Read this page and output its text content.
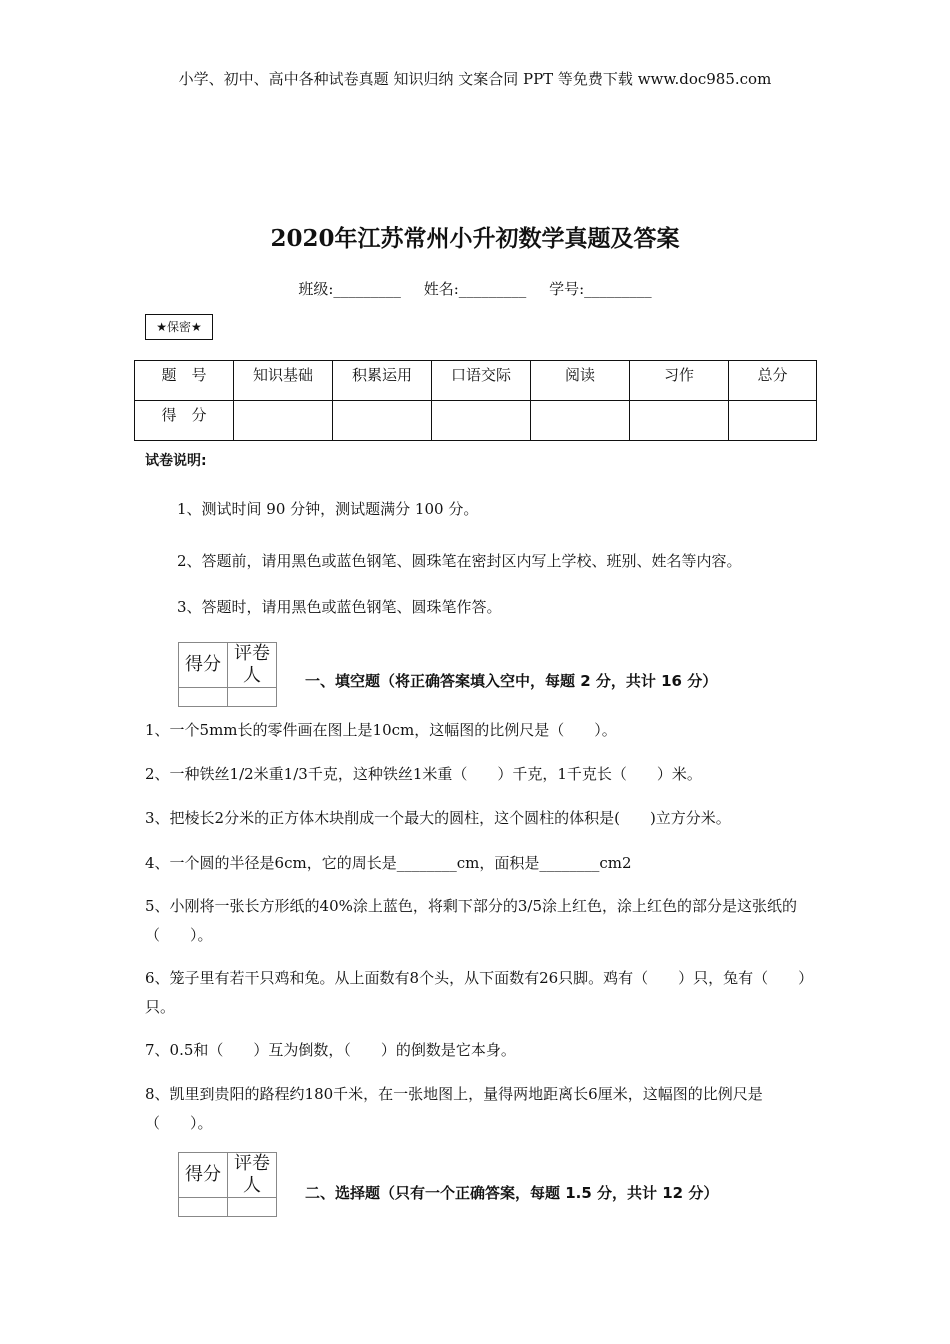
小学、初中、高中各种试卷真题 知识归纳 文案合同 PPT 等免费下载 www.doc985.com
2020年江苏常州小升初数学真题及答案
班级:_________ 姓名:_________ 学号:_________
★保密★
题　号	知识基础	积累运用	口语交际	阅读	习作	总分
得　分						
试卷说明:
1、测试时间 90 分钟，测试题满分 100 分。
2、答题前，请用黑色或蓝色钢笔、圆珠笔在密封区内写上学校、班别、姓名等内容。
3、答题时，请用黑色或蓝色钢笔、圆珠笔作答。
得分	评卷人
		一、填空题（将正确答案填入空中，每题 2 分，共计 16 分）
1、一个5mm长的零件画在图上是10cm，这幅图的比例尺是（　　）。
2、一种铁丝1/2米重1/3千克，这种铁丝1米重（　　）千克，1千克长（　　）米。
3、把棱长2分米的正方体木块削成一个最大的圆柱，这个圆柱的体积是(　　)立方分米。
4、一个圆的半径是6cm，它的周长是________cm，面积是________cm2
5、小刚将一张长方形纸的40%涂上蓝色，将剩下部分的3/5涂上红色，涂上红色的部分是这张纸的（　　）。
6、笼子里有若干只鸡和兔。从上面数有8个头，从下面数有26只脚。鸡有（　　）只，兔有（　　）只。
7、0.5和（　　）互为倒数，（　　）的倒数是它本身。
8、凯里到贵阳的路程约180千米，在一张地图上，量得两地距离长6厘米，这幅图的比例尺是（　　）。
得分	评卷人
		二、选择题（只有一个正确答案，每题 1.5 分，共计 12 分）
